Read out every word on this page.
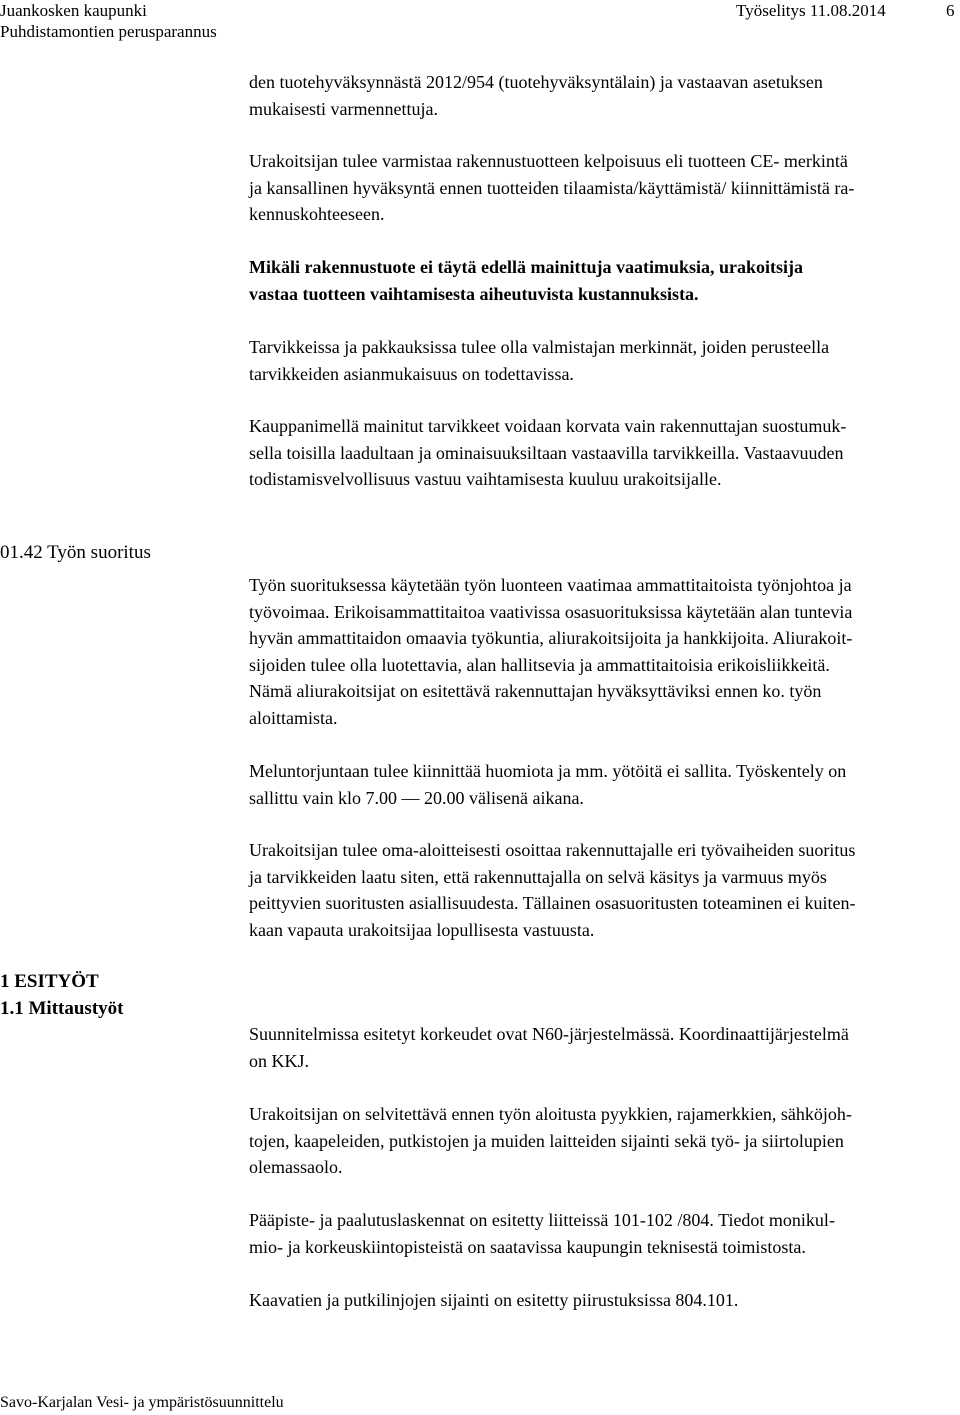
Juankosken kaupunki
Puhdistamontien perusparannus
Työselitys 11.08.2014	6
den tuotehyväksynnästä 2012/954 (tuotehyväksyntälain) ja vastaavan asetuksen
mukaisesti varmennettuja.
Urakoitsijan tulee varmistaa rakennustuotteen kelpoisuus eli tuotteen CE- merkintä
ja kansallinen hyväksyntä ennen tuotteiden tilaamista/käyttämistä/ kiinnittämistä ra-
kennuskohteeseen.
Mikäli rakennustuote ei täytä edellä mainittuja vaatimuksia, urakoitsija
vastaa tuotteen vaihtamisesta aiheutuvista kustannuksista.
Tarvikkeissa ja pakkauksissa tulee olla valmistajan merkinnät, joiden perusteella
tarvikkeiden asianmukaisuus on todettavissa.
Kauppanimellä mainitut tarvikkeet voidaan korvata vain rakennuttajan suostumuk-
sella toisilla laadultaan ja ominaisuuksiltaan vastaavilla tarvikkeilla. Vastaavuuden
todistamisvelvollisuus vastuu vaihtamisesta kuuluu urakoitsijalle.
01.42 Työn suoritus
Työn suorituksessa käytetään työn luonteen vaatimaa ammattitaitoista työnjohtoa ja
työvoimaa. Erikoisammattitaitoa vaativissa osasuorituksissa käytetään alan tuntevia
hyvän ammattitaidon omaavia työkuntia, aliurakoitsijoita ja hankkijoita. Aliurakoit-
sijoiden tulee olla luotettavia, alan hallitsevia ja ammattitaitoisia erikoisliikkeitä.
Nämä aliurakoitsijat on esitettävä rakennuttajan hyväksyttäviksi ennen ko. työn
aloittamista.
Meluntorjuntaan tulee kiinnittää huomiota ja mm. yötöitä ei sallita. Työskentely on
sallittu vain klo 7.00 — 20.00 välisenä aikana.
Urakoitsijan tulee oma-aloitteisesti osoittaa rakennuttajalle eri työvaiheiden suoritus
ja tarvikkeiden laatu siten, että rakennuttajalla on selvä käsitys ja varmuus myös
peittyvien suoritusten asiallisuudesta. Tällainen osasuoritusten toteaminen ei kuiten-
kaan vapauta urakoitsijaa lopullisesta vastuusta.
1 ESITYÖT
1.1 Mittaustyöt
Suunnitelmissa esitetyt korkeudet ovat N60-järjestelmässä. Koordinaattijärjestelmä
on KKJ.
Urakoitsijan on selvitettävä ennen työn aloitusta pyykkien, rajamerkkien, sähköjoh-
tojen, kaapeleiden, putkistojen ja muiden laitteiden sijainti sekä työ- ja siirtolupien
olemassaolo.
Pääpiste- ja paalutuslaskennat on esitetty liitteissä 101-102 /804. Tiedot monikul-
mio- ja korkeuskiintopisteistä on saatavissa kaupungin teknisestä toimistosta.
Kaavatien ja putkilinjojen sijainti on esitetty piirustuksissa 804.101.
Savo-Karjalan Vesi- ja ympäristösuunnittelu
